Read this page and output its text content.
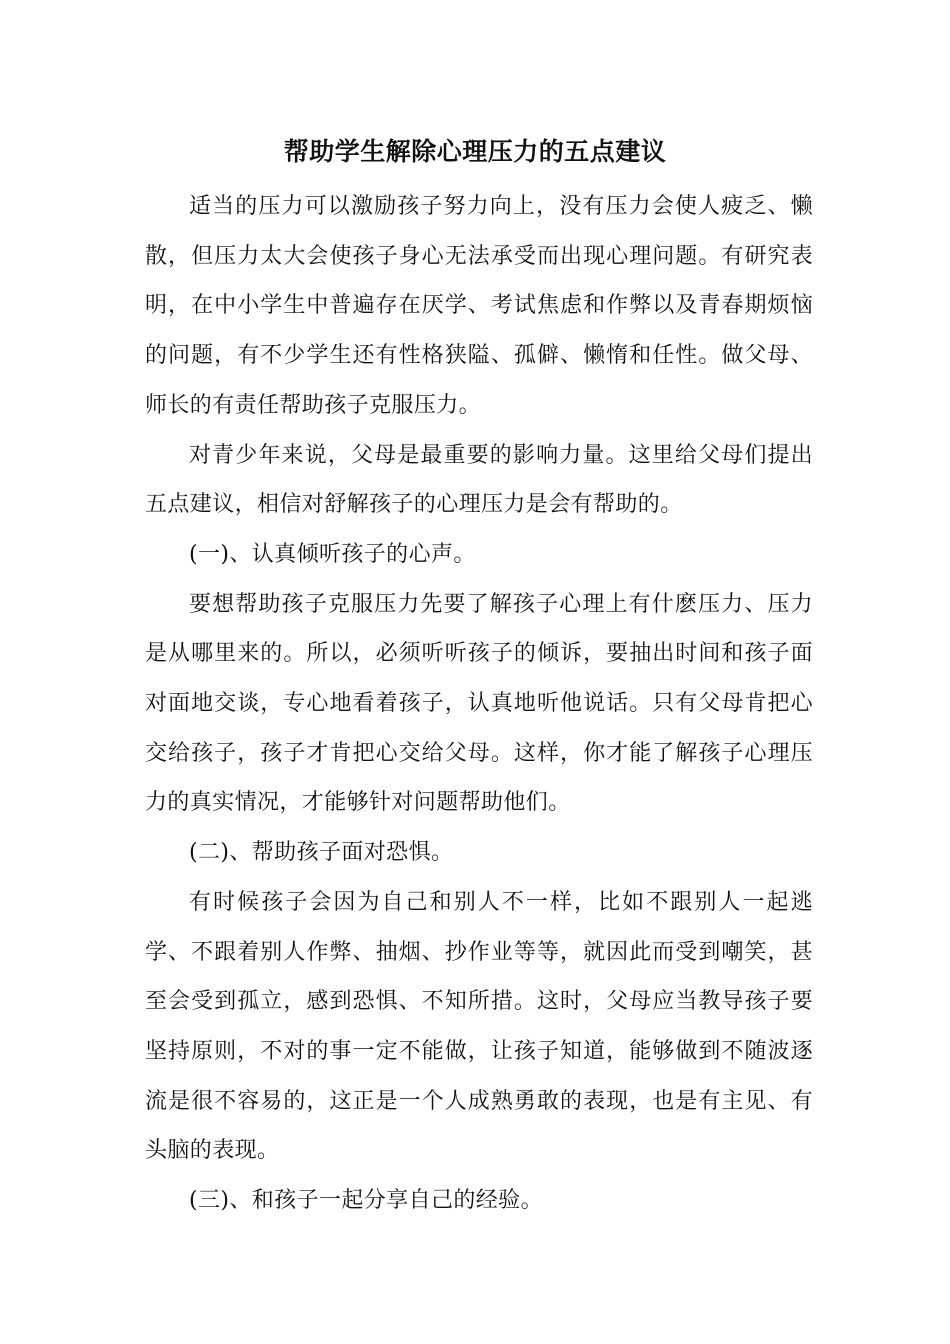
帮助学生解除心理压力的五点建议

适当的压力可以激励孩子努力向上，没有压力会使人疲乏、懒散，但压力太大会使孩子身心无法承受而出现心理问题。有研究表明，在中小学生中普遍存在厌学、考试焦虑和作弊以及青春期烦恼的问题，有不少学生还有性格狭隘、孤僻、懒惰和任性。做父母、师长的有责任帮助孩子克服压力。

对青少年来说，父母是最重要的影响力量。这里给父母们提出五点建议，相信对舒解孩子的心理压力是会有帮助的。

(一)、认真倾听孩子的心声。

要想帮助孩子克服压力先要了解孩子心理上有什麽压力、压力是从哪里来的。所以，必须听听孩子的倾诉，要抽出时间和孩子面对面地交谈，专心地看着孩子，认真地听他说话。只有父母肯把心交给孩子，孩子才肯把心交给父母。这样，你才能了解孩子心理压力的真实情况，才能够针对问题帮助他们。

(二)、帮助孩子面对恐惧。

有时候孩子会因为自己和别人不一样，比如不跟别人一起逃学、不跟着别人作弊、抽烟、抄作业等等，就因此而受到嘲笑，甚至会受到孤立，感到恐惧、不知所措。这时，父母应当教导孩子要坚持原则，不对的事一定不能做，让孩子知道，能够做到不随波逐流是很不容易的，这正是一个人成熟勇敢的表现，也是有主见、有头脑的表现。

(三)、和孩子一起分享自己的经验。
